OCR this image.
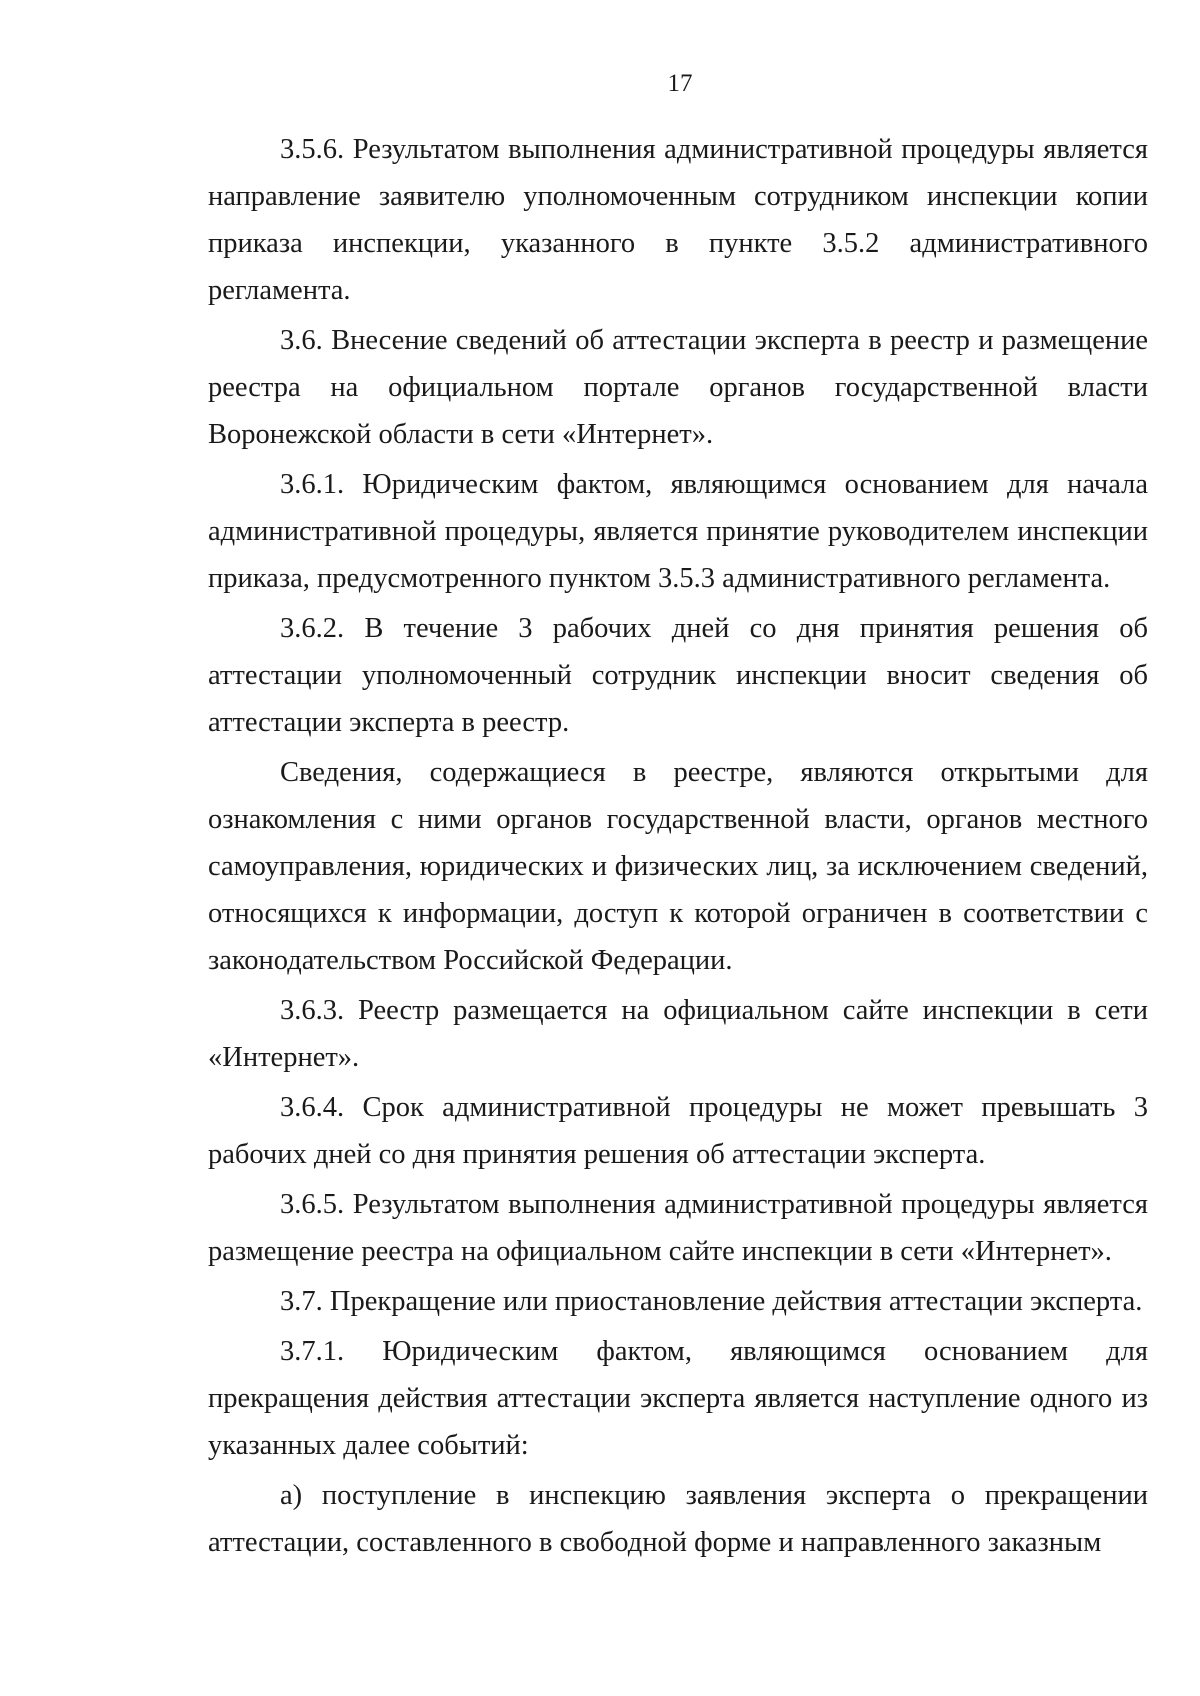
17

3.5.6. Результатом выполнения административной процедуры является направление заявителю уполномоченным сотрудником инспекции копии приказа инспекции, указанного в пункте 3.5.2 административного регламента.

3.6. Внесение сведений об аттестации эксперта в реестр и размещение реестра на официальном портале органов государственной власти Воронежской области в сети «Интернет».

3.6.1. Юридическим фактом, являющимся основанием для начала административной процедуры, является принятие руководителем инспекции приказа, предусмотренного пунктом 3.5.3 административного регламента.

3.6.2. В течение 3 рабочих дней со дня принятия решения об аттестации уполномоченный сотрудник инспекции вносит сведения об аттестации эксперта в реестр.

Сведения, содержащиеся в реестре, являются открытыми для ознакомления с ними органов государственной власти, органов местного самоуправления, юридических и физических лиц, за исключением сведений, относящихся к информации, доступ к которой ограничен в соответствии с законодательством Российской Федерации.

3.6.3. Реестр размещается на официальном сайте инспекции в сети «Интернет».

3.6.4. Срок административной процедуры не может превышать 3 рабочих дней со дня принятия решения об аттестации эксперта.

3.6.5. Результатом выполнения административной процедуры является размещение реестра на официальном сайте инспекции в сети «Интернет».

3.7. Прекращение или приостановление действия аттестации эксперта.

3.7.1. Юридическим фактом, являющимся основанием для прекращения действия аттестации эксперта является наступление одного из указанных далее событий:

а) поступление в инспекцию заявления эксперта о прекращении аттестации, составленного в свободной форме и направленного заказным
